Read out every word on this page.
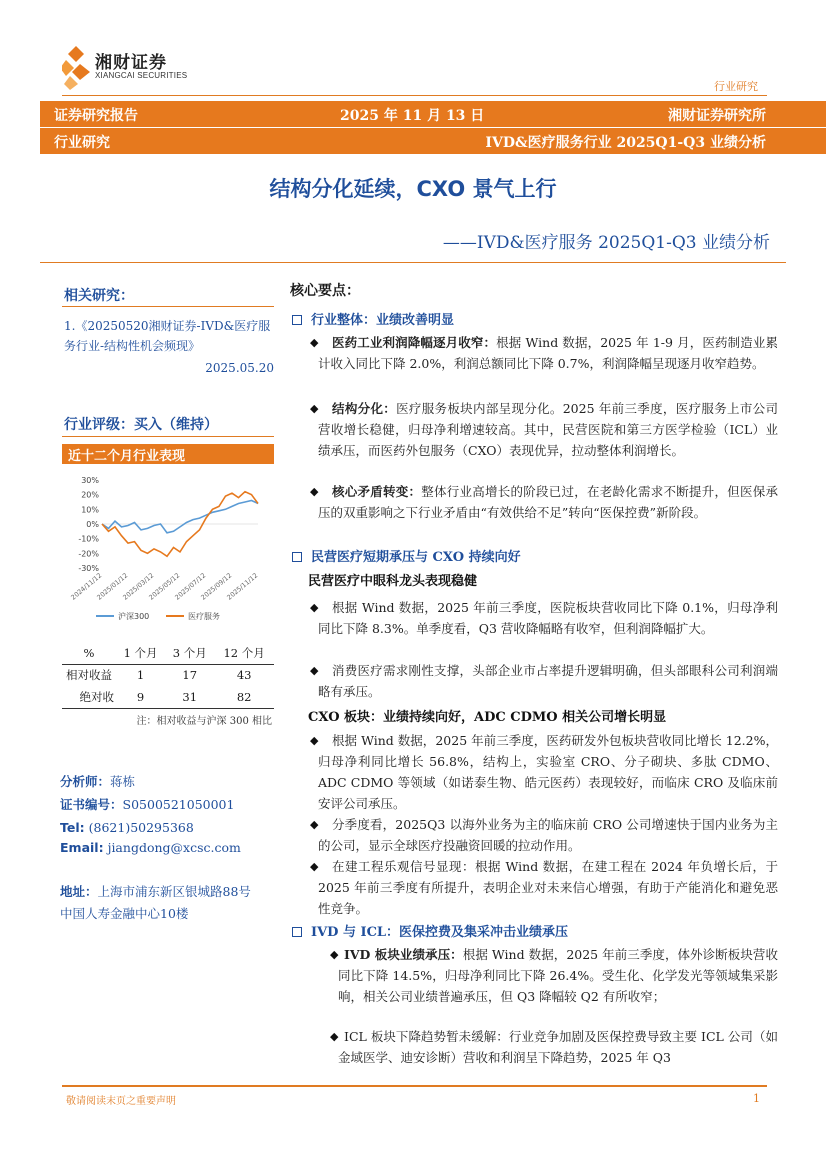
湘财证券
XIANGCAI SECURITIES
行业研究
证券研究报告	2025 年 11 月 13 日	湘财证券研究所
行业研究	IVD&医疗服务行业 2025Q1-Q3 业绩分析
结构分化延续，CXO 景气上行
——IVD&医疗服务 2025Q1-Q3 业绩分析
相关研究：
1.《20250520湘财证券-IVD&医疗服务行业-结构性机会频现》
2025.05.20
行业评级：买入（维持）
近十二个月行业表现
30%
20%
10%
0%
-10%
-20%
-30%
2024/11/12
2025/01/12
2025/03/12
2025/05/12
2025/07/12
2025/09/12
2025/11/12
沪深300	医疗服务
%	1 个月	3 个月	12 个月
相对收益	1	17	43
绝对收	9	31	82
注：相对收益与沪深 300 相比
分析师：蒋栋
证书编号：S0500521050001
Tel: (8621)50295368
Email: jiangdong@xcsc.com
地址：上海市浦东新区银城路88号
中国人寿金融中心10楼
核心要点：
行业整体：业绩改善明显
◆ 医药工业利润降幅逐月收窄：根据 Wind 数据，2025 年 1-9 月，医药制造业累计收入同比下降 2.0%，利润总额同比下降 0.7%，利润降幅呈现逐月收窄趋势。
◆ 结构分化：医疗服务板块内部呈现分化。2025 年前三季度，医疗服务上市公司营收增长稳健，归母净利增速较高。其中，民营医院和第三方医学检验（ICL）业绩承压，而医药外包服务（CXO）表现优异，拉动整体利润增长。
◆ 核心矛盾转变：整体行业高增长的阶段已过，在老龄化需求不断提升，但医保承压的双重影响之下行业矛盾由“有效供给不足”转向“医保控费”新阶段。
民营医疗短期承压与 CXO 持续向好
民营医疗中眼科龙头表现稳健
◆ 根据 Wind 数据，2025 年前三季度，医院板块营收同比下降 0.1%，归母净利同比下降 8.3%。单季度看，Q3 营收降幅略有收窄，但利润降幅扩大。
◆ 消费医疗需求刚性支撑，头部企业市占率提升逻辑明确，但头部眼科公司利润端略有承压。
CXO 板块：业绩持续向好，ADC CDMO 相关公司增长明显
◆ 根据 Wind 数据，2025 年前三季度，医药研发外包板块营收同比增长 12.2%，归母净利同比增长 56.8%，结构上，实验室 CRO、分子砌块、多肽 CDMO、ADC CDMO 等领域（如诺泰生物、皓元医药）表现较好，而临床 CRO 及临床前安评公司承压。
◆ 分季度看，2025Q3 以海外业务为主的临床前 CRO 公司增速快于国内业务为主的公司，显示全球医疗投融资回暖的拉动作用。
◆ 在建工程乐观信号显现：根据 Wind 数据，在建工程在 2024 年负增长后，于 2025 年前三季度有所提升，表明企业对未来信心增强，有助于产能消化和避免恶性竞争。
IVD 与 ICL：医保控费及集采冲击业绩承压
◆ IVD 板块业绩承压：根据 Wind 数据，2025 年前三季度，体外诊断板块营收同比下降 14.5%，归母净利同比下降 26.4%。受生化、化学发光等领域集采影响，相关公司业绩普遍承压，但 Q3 降幅较 Q2 有所收窄；
◆ ICL 板块下降趋势暂未缓解：行业竞争加剧及医保控费导致主要 ICL 公司（如金域医学、迪安诊断）营收和利润呈下降趋势，2025 年 Q3
敬请阅读末页之重要声明	1
